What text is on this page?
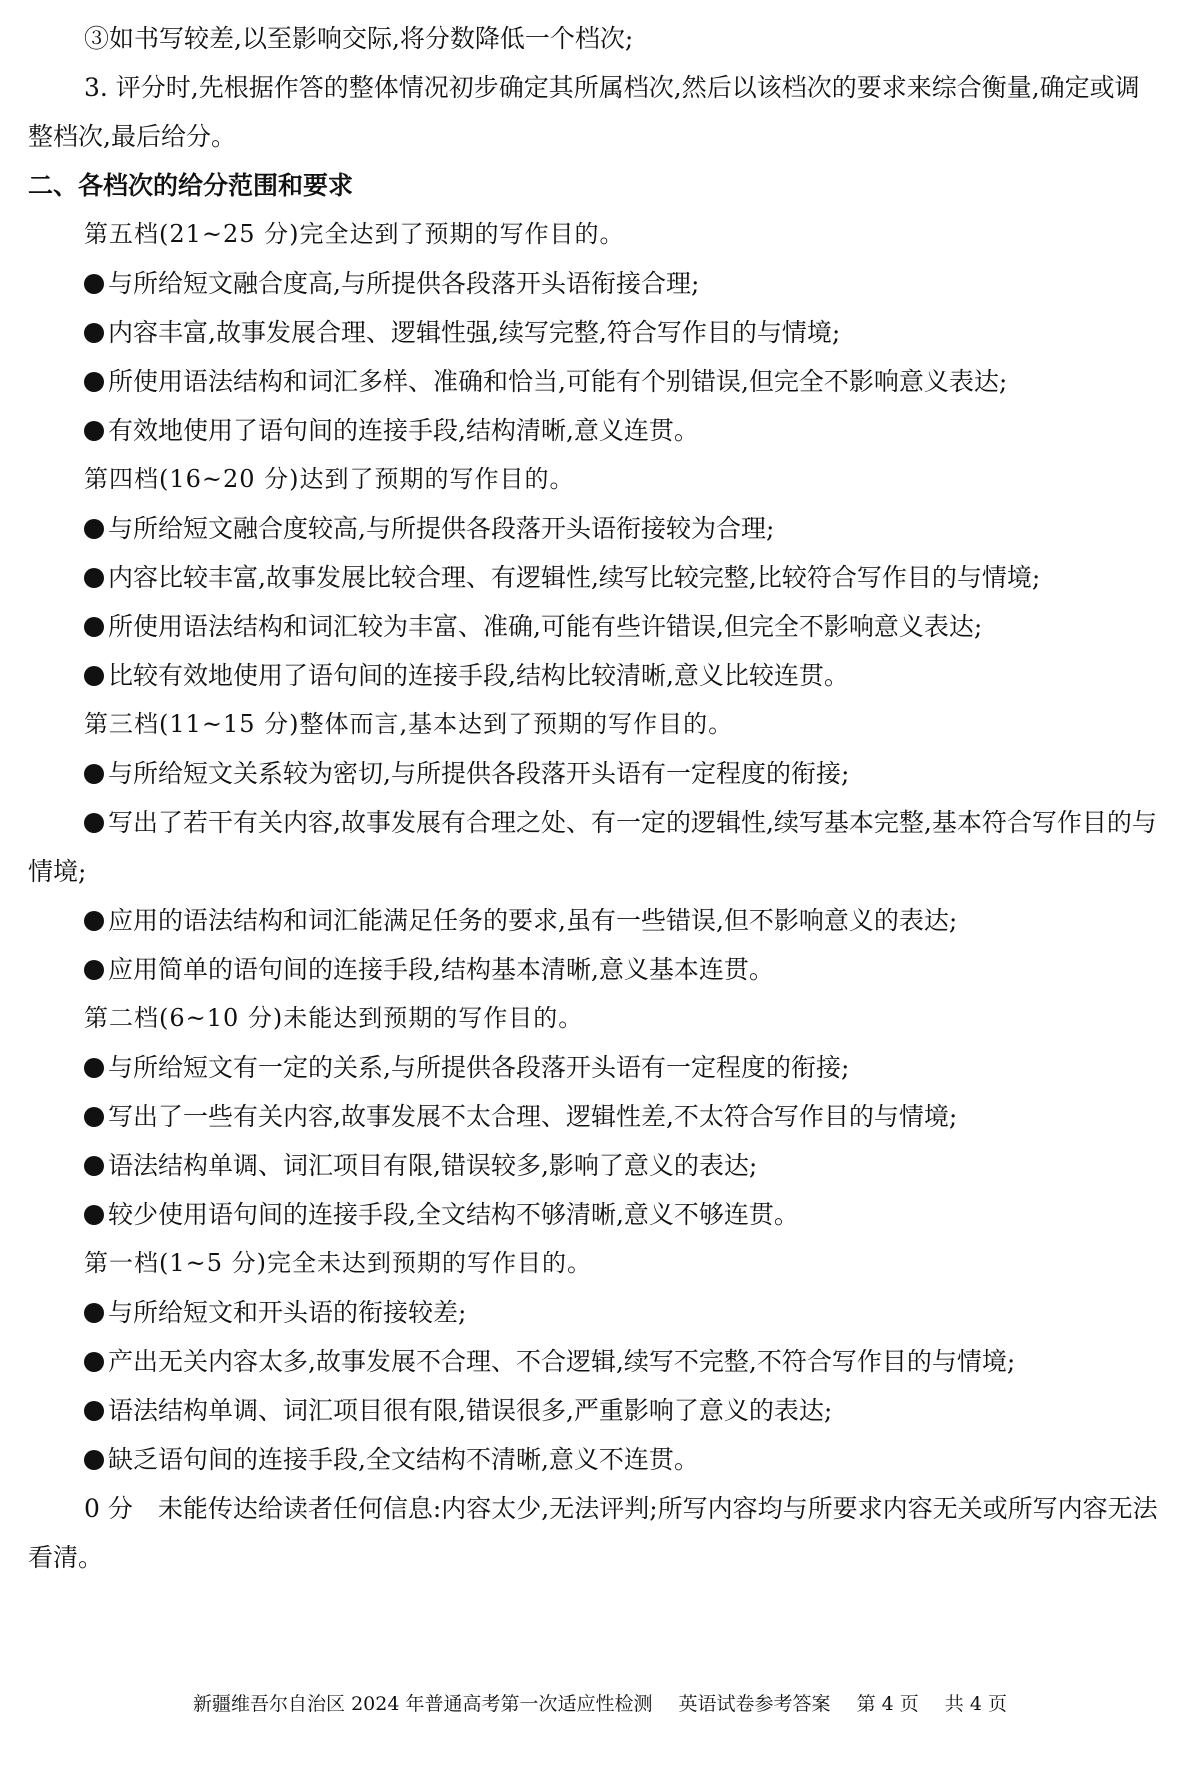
③如书写较差,以至影响交际,将分数降低一个档次;

3. 评分时,先根据作答的整体情况初步确定其所属档次,然后以该档次的要求来综合衡量,确定或调整档次,最后给分。

二、各档次的给分范围和要求

第五档(21~25 分)完全达到了预期的写作目的。

与所给短文融合度高,与所提供各段落开头语衔接合理;

内容丰富,故事发展合理、逻辑性强,续写完整,符合写作目的与情境;

所使用语法结构和词汇多样、准确和恰当,可能有个别错误,但完全不影响意义表达;

有效地使用了语句间的连接手段,结构清晰,意义连贯。

第四档(16~20 分)达到了预期的写作目的。

与所给短文融合度较高,与所提供各段落开头语衔接较为合理;

内容比较丰富,故事发展比较合理、有逻辑性,续写比较完整,比较符合写作目的与情境;

所使用语法结构和词汇较为丰富、准确,可能有些许错误,但完全不影响意义表达;

比较有效地使用了语句间的连接手段,结构比较清晰,意义比较连贯。

第三档(11~15 分)整体而言,基本达到了预期的写作目的。

与所给短文关系较为密切,与所提供各段落开头语有一定程度的衔接;

写出了若干有关内容,故事发展有合理之处、有一定的逻辑性,续写基本完整,基本符合写作目的与情境;

应用的语法结构和词汇能满足任务的要求,虽有一些错误,但不影响意义的表达;

应用简单的语句间的连接手段,结构基本清晰,意义基本连贯。

第二档(6~10 分)未能达到预期的写作目的。

与所给短文有一定的关系,与所提供各段落开头语有一定程度的衔接;

写出了一些有关内容,故事发展不太合理、逻辑性差,不太符合写作目的与情境;

语法结构单调、词汇项目有限,错误较多,影响了意义的表达;

较少使用语句间的连接手段,全文结构不够清晰,意义不够连贯。

第一档(1~5 分)完全未达到预期的写作目的。

与所给短文和开头语的衔接较差;

产出无关内容太多,故事发展不合理、不合逻辑,续写不完整,不符合写作目的与情境;

语法结构单调、词汇项目很有限,错误很多,严重影响了意义的表达;

缺乏语句间的连接手段,全文结构不清晰,意义不连贯。

0 分　未能传达给读者任何信息:内容太少,无法评判;所写内容均与所要求内容无关或所写内容无法看清。

新疆维吾尔自治区 2024 年普通高考第一次适应性检测 英语试卷参考答案 第 4 页 共 4 页
